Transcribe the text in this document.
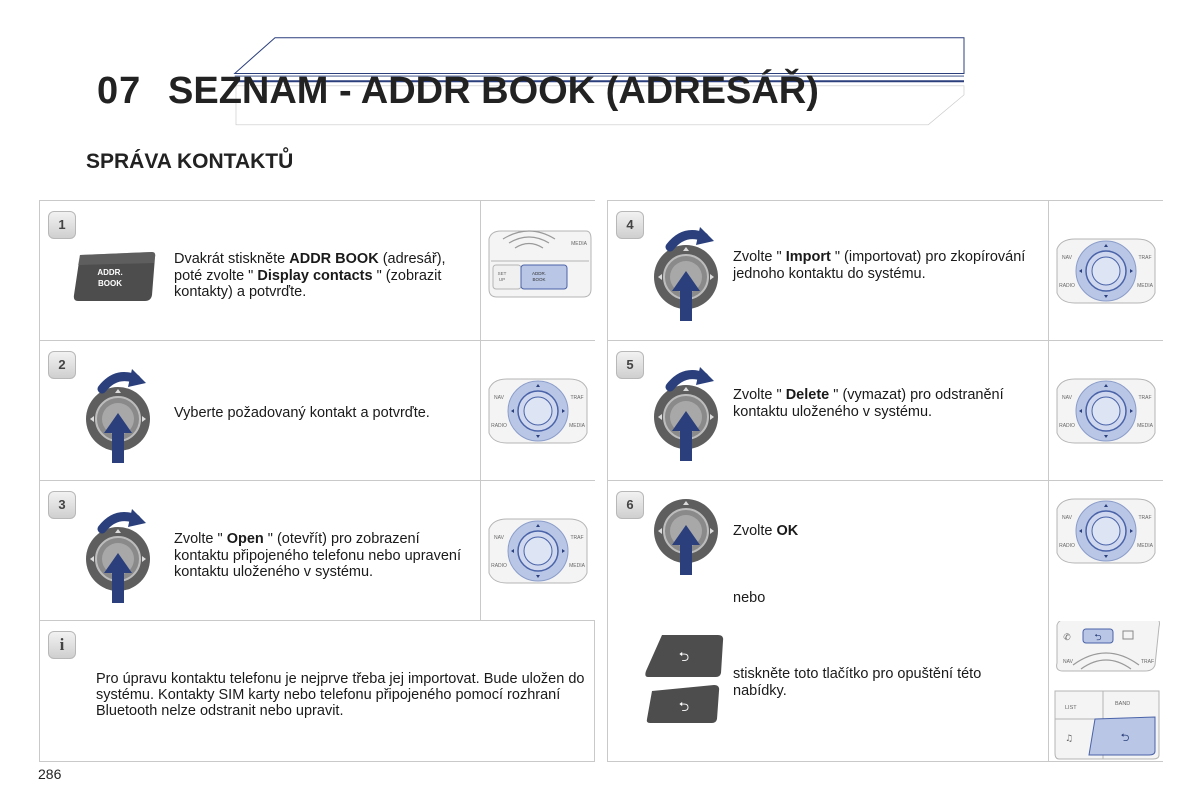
07 SEZNAM - ADDR BOOK (ADRESÁŘ)
SPRÁVA KONTAKTŮ
1
ADDR.
BOOK
Dvakrát stiskněte ADDR BOOK (adresář), poté zvolte " Display contacts " (zobrazit kontakty) a potvrďte.
MEDIA
SET
UP
ADDR.
BOOK
2
Vyberte požadovaný kontakt a potvrďte.
NAV	TRAF
RADIO	MEDIA
3
Zvolte " Open " (otevřít) pro zobrazení kontaktu připojeného telefonu nebo upravení kontaktu uloženého v systému.
NAV	TRAF
RADIO	MEDIA
i
Pro úpravu kontaktu telefonu je nejprve třeba jej importovat. Bude uložen do systému. Kontakty SIM karty nebo telefonu připojeného pomocí rozhraní Bluetooth nelze odstranit nebo upravit.
4
Zvolte " Import " (importovat) pro zkopírování jednoho kontaktu do systému.
NAV	TRAF
RADIO	MEDIA
5
Zvolte " Delete " (vymazat) pro odstranění kontaktu uloženého v systému.
NAV	TRAF
RADIO	MEDIA
6
Zvolte OK
nebo
⮌
⮌
stiskněte toto tlačítko pro opuštění této nabídky.
NAV	TRAF
RADIO	MEDIA
⮌
✆
NAV	TRAF
LIST
BAND
♫	⮌
286
